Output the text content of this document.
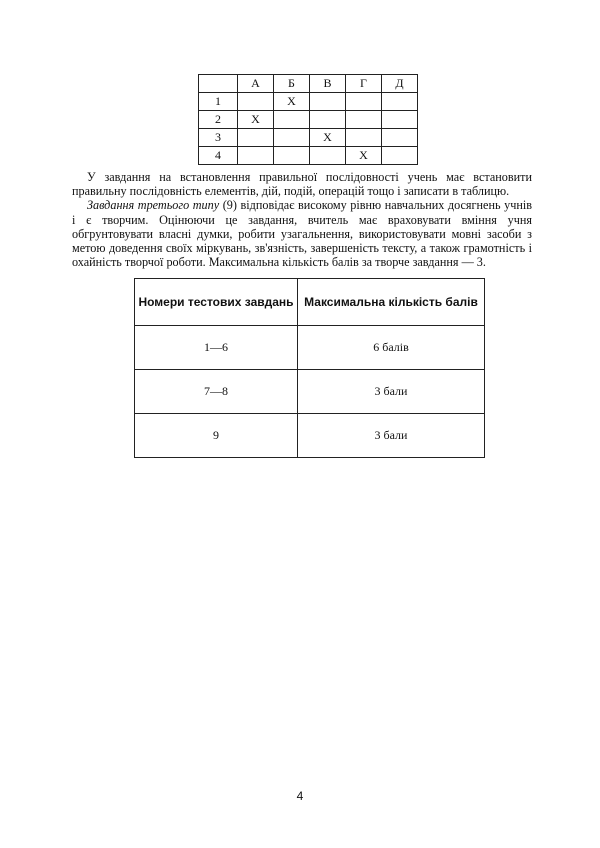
	А	Б	В	Г	Д
1		X			
2	X				
3			X		
4				X	

У завдання на встановлення правильної послідовності учень має встановити правильну послідовність елементів, дій, подій, операцій тощо і записати в таблицю.

Завдання третього типу (9) відповідає високому рівню навчальних досягнень учнів і є творчим. Оцінюючи це завдання, вчитель має враховувати вміння учня обгрунтовувати власні думки, робити узагальнення, використовувати мовні засоби з метою доведення своїх міркувань, зв'язність, завершеність тексту, а також грамотність і охайність творчої роботи. Максимальна кількість балів за творче завдання — 3.

Номери тестових завдань	Максимальна кількість балів
1—6	6 балів
7—8	3 бали
9	3 бали
4
